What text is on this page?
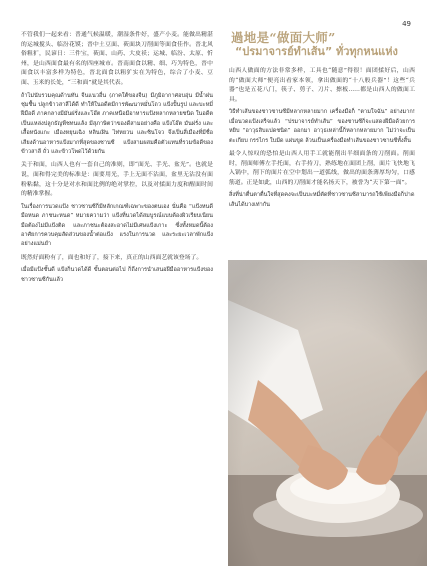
49

不管我们一起来看：普通气候温暖，潮湿条件好，盛产小麦。能做出精湛的运城搅头、临汾花馍；晋中土豆面、莜面块刀削面等面食佳作。晋北风俗粗犷，民谚日：三件宝，莜面、山药、大皮袄；运城、临汾、太原、忻州，是山西面食最有名的四座城市。晋南面食以精、细、巧为特色，晋中面食以丰富多样为特色，晋北面食以粗犷实在为特色，综合了小麦、豆面、玉米的长处，“三和面”就是其代表。

ถ้าไม่นับรวมคุณด้านทัน จีนแนวอื่น (ภาคใต้ของจีน) มีภูมิอากาศอบอุ่น มีน้ำฝนชุ่มชื้น ปลูกข้าวสาลีได้ดี ทำให้ในอดีตมีการพัฒนาหมั่นโถว แป้งปั้นรูป และบะหมี่ฝีมือดี ภาคกลางมีมันฝรั่งและโอ๊ต ภาคเหนือมีอาหารแป้งหลากหลายชนิด ในอดีตเป็นแหล่งปลูกธัญพืชทนแล้ง มีสุภาษิตว่าของดีสามอย่างคือ แป้งโอ๊ต มันฝรั่ง และเสื้อหนังแกะ เมืองหยุนเฉิง หลินเฝิน ไท่หยวน และซินโจว จึงเป็นสี่เมืองที่มีชื่อเสียงด้านอาหารแป้งมากที่สุดของซานซี แป้งสามผสมคือตัวแทนที่รวมข้อดีของข้าวสาลี ถั่ว และข้าวโพดไว้ด้วยกัน

关于和面，山西人也有一套自己的准则，即“面光、手光、盆光”。也就是说，面和得完美的标准是：面要用光，手上无面不沾面，盆里无沾没有面粉粘黏，这十分是对水和面比例的绝对掌控，以及对揉面力度和醒面时间的精准掌握。

ในเรื่องการนวดแป้ง ชาวซานซีก็มีหลักเกณฑ์เฉพาะของตนเอง นั่นคือ “แป้งหนดี มือหนด ภาชนะหนด” หมายความว่า แป้งที่นวดได้สมบูรณ์แบบต้องผิวเรียบเนียน มือต้องไม่มีแป้งติด และภาชนะต้องสะอาดไม่มีเศษแป้งเกาะ ซึ่งทั้งหมดนี้ต้องอาศัยการควบคุมสัดส่วนของน้ำต่อแป้ง แรงในการนวด และระยะเวลาพักแป้งอย่างแม่นยำ

既然好面粉有了，面也和好了，接下来，真正的山西面艺就该登场了。

เมื่อมีแป้งชั้นดี แป้งก็นวดได้ดี ขั้นตอนต่อไป ก็ถึงการนำเสนอฝีมืออาหารแป้งของชาวซานซีกันแล้ว

過地是“做面大师”

“ปรมาจารย์ทำเส้น” ทั่วทุกหนแห่ง

山西人做面的方法非常多样，工具也“随意”得很！面团揉好后，山西的“做面大师”便亮出看家本领，拿出做面的“十八般兵器”！这些“兵器”也是五花八门，筷子、剪子、刀片、擦板……都是山西人的做面工具。

วิธีทำเส้นของชาวซานซีมีหลากหลายมาก เครื่องมือก็ “ตามใจฉัน” อย่างมาก! เมื่อนวดแป้งเสร็จแล้ว “ปรมาจารย์ทำเส้น” ของซานซีก็จะแสดงฝีมือด้วยการหยิบ “อาวุธสิบแปดชนิด” ออกมา อาวุธเหล่านี้ก็หลากหลายมาก ไม่ว่าจะเป็นตะเกียบ กรรไกร ใบมีด แผ่นขูด ล้วนเป็นเครื่องมือทำเส้นของชาวซานซีทั้งสิ้น

最令人惊叹的恐怕是山西人用手工就能削出半细面条的刀削面。削面时，削面师傅左手托面，右手持刀，熟练地在面团上削，面片飞快地飞入锅中，削下的面片在空中划出一道弧线，做出的面条薄厚均匀，口感筋道。正是如此，山西的刀削面才能名扬天下，被誉为“天下第一面”。

สิ่งที่น่าตื่นตาตื่นใจที่สุดคงจะเป็นบะหมี่ตัดที่ชาวซานซีสามารถใช้เพียงมือก็ปาดเส้นได้บางเท่ากัน
